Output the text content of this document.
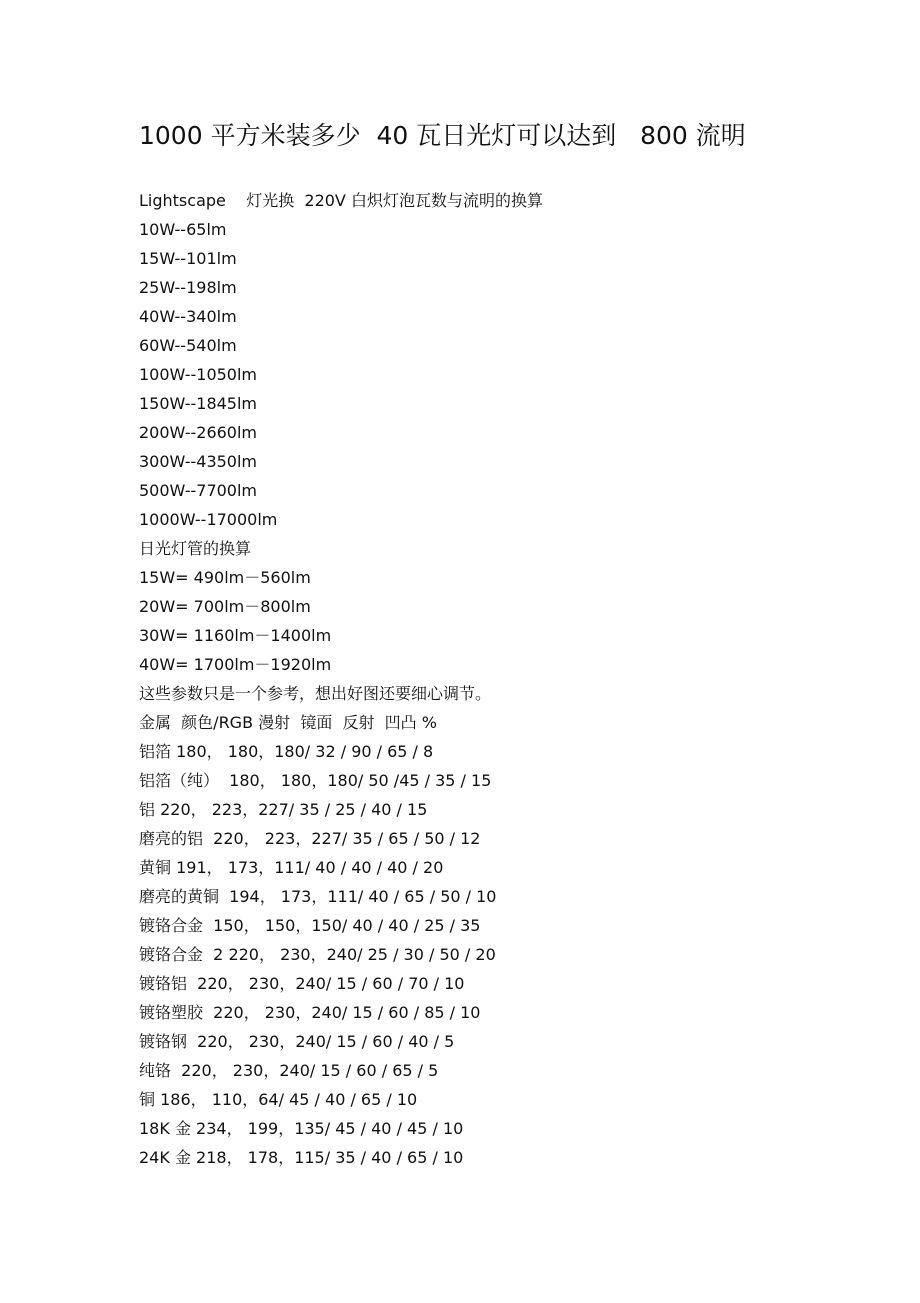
1000 平方米装多少  40 瓦日光灯可以达到   800 流明
Lightscape    灯光换  220V 白炽灯泡瓦数与流明的换算
10W--65lm
15W--101lm
25W--198lm
40W--340lm
60W--540lm
100W--1050lm
150W--1845lm
200W--2660lm
300W--4350lm
500W--7700lm
1000W--17000lm
日光灯管的换算
15W= 490lm－560lm
20W= 700lm－800lm
30W= 1160lm－1400lm
40W= 1700lm－1920lm
这些参数只是一个参考，想出好图还要细心调节。
金属  颜色/RGB 漫射  镜面  反射  凹凸 %
铝箔 180， 180，180/ 32 / 90 / 65 / 8
铝箔（纯）  180， 180，180/ 50 /45 / 35 / 15
铝 220， 223，227/ 35 / 25 / 40 / 15
磨亮的铝  220， 223，227/ 35 / 65 / 50 / 12
黄铜 191， 173，111/ 40 / 40 / 40 / 20
磨亮的黄铜  194， 173，111/ 40 / 65 / 50 / 10
镀铬合金  150， 150，150/ 40 / 40 / 25 / 35
镀铬合金  2 220， 230，240/ 25 / 30 / 50 / 20
镀铬铝  220， 230，240/ 15 / 60 / 70 / 10
镀铬塑胶  220， 230，240/ 15 / 60 / 85 / 10
镀铬钢  220， 230，240/ 15 / 60 / 40 / 5
纯铬  220， 230，240/ 15 / 60 / 65 / 5
铜 186， 110，64/ 45 / 40 / 65 / 10
18K 金 234， 199，135/ 45 / 40 / 45 / 10
24K 金 218， 178，115/ 35 / 40 / 65 / 10
